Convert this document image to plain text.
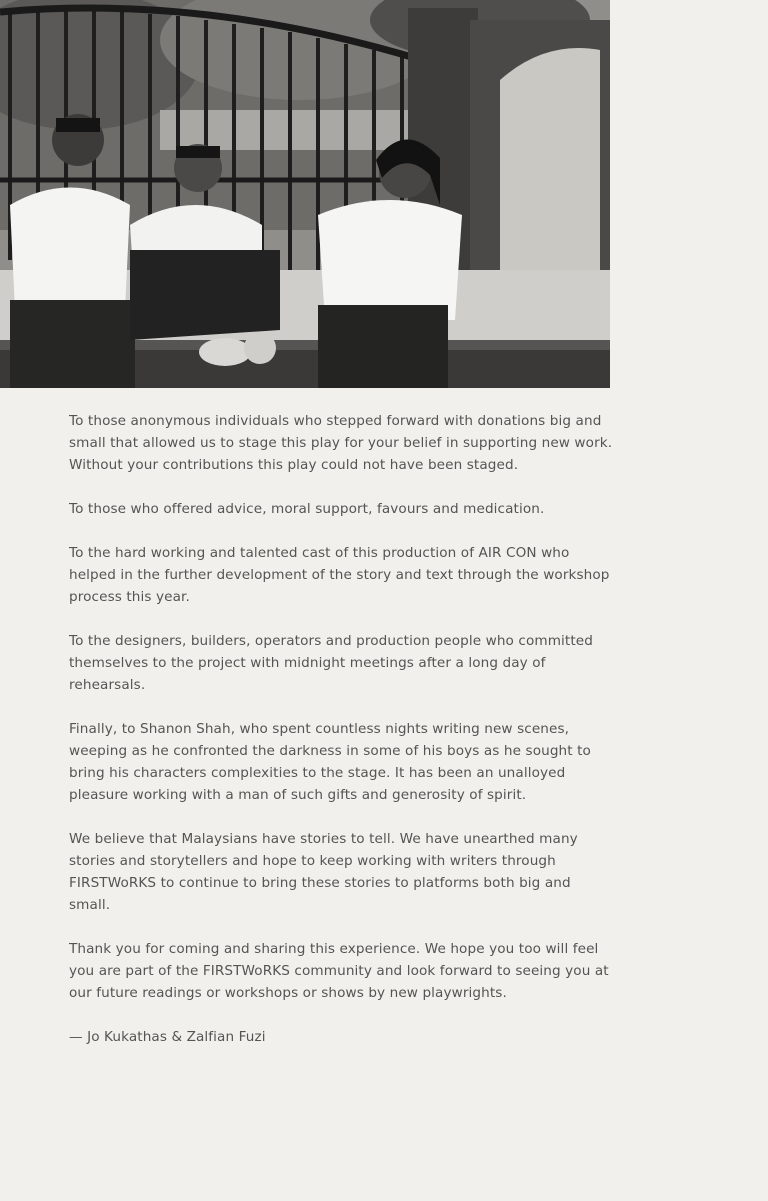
To those anonymous individuals who stepped forward with donations big and small that allowed us to stage this play for your belief in supporting new work. Without your contributions this play could not have been staged.

To those who offered advice, moral support, favours and medication.

To the hard working and talented cast of this production of AIR CON who helped in the further development of the story and text through the workshop process this year.

To the designers, builders, operators and production people who committed themselves to the project with midnight meetings after a long day of rehearsals.

Finally, to Shanon Shah, who spent countless nights writing new scenes, weeping as he confronted the darkness in some of his boys as he sought to bring his characters complexities to the stage. It has been an unalloyed pleasure working with a man of such gifts and generosity of spirit.

We believe that Malaysians have stories to tell. We have unearthed many stories and storytellers and hope to keep working with writers through FIRSTWoRKS to continue to bring these stories to platforms both big and small.

Thank you for coming and sharing this experience. We hope you too will feel you are part of the FIRSTWoRKS community and look forward to seeing you at our future readings or workshops or shows by new playwrights.

— Jo Kukathas & Zalfian Fuzi
